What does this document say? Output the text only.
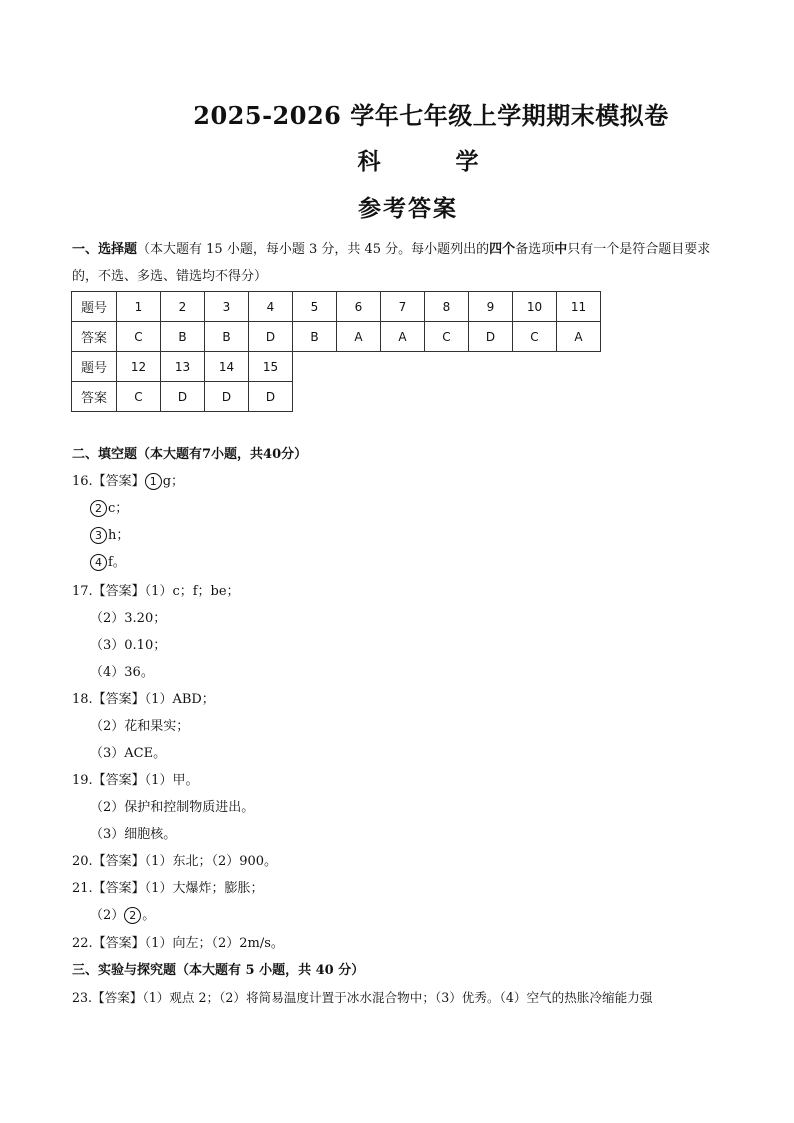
2025-2026 学年七年级上学期期末模拟卷
科　学
参考答案
一、选择题（本大题有 15 小题，每小题 3 分，共 45 分。每小题列出的四个备选项中只有一个是符合题目要求的，不选、多选、错选均不得分）
题号	1	2	3	4	5	6	7	8	9	10	11
答案	C	B	B	D	B	A	A	C	D	C	A
题号	12	13	14	15							
答案	C	D	D	D							
二、填空题（本大题有7小题，共40分）
16.【答案】 1 g；
2 c；
3 h；
4 f。
17.【答案】（1）c；f；be；
（2）3.20；
（3）0.10；
（4）36。
18.【答案】（1）ABD；
（2）花和果实；
（3）ACE。
19.【答案】（1）甲。
（2）保护和控制物质进出。
（3）细胞核。
20.【答案】（1）东北；（2）900。
21.【答案】（1）大爆炸；膨胀；
（2） 2 。
22.【答案】（1）向左；（2）2m/s。
三、实验与探究题（本大题有 5 小题，共 40 分）
23.【答案】（1）观点 2；（2）将简易温度计置于冰水混合物中；（3）优秀。（4）空气的热胀冷缩能力强
